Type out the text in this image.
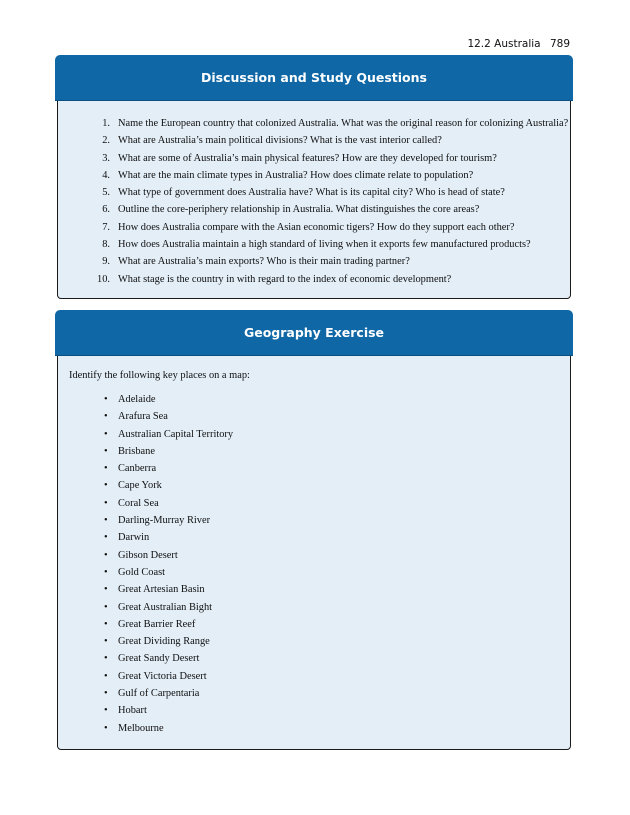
12.2 Australia 789
Discussion and Study Questions
1. Name the European country that colonized Australia. What was the original reason for colonizing Australia?
2. What are Australia’s main political divisions? What is the vast interior called?
3. What are some of Australia’s main physical features? How are they developed for tourism?
4. What are the main climate types in Australia? How does climate relate to population?
5. What type of government does Australia have? What is its capital city? Who is head of state?
6. Outline the core-periphery relationship in Australia. What distinguishes the core areas?
7. How does Australia compare with the Asian economic tigers? How do they support each other?
8. How does Australia maintain a high standard of living when it exports few manufactured products?
9. What are Australia’s main exports? Who is their main trading partner?
10. What stage is the country in with regard to the index of economic development?
Geography Exercise
Identify the following key places on a map:
• Adelaide
• Arafura Sea
• Australian Capital Territory
• Brisbane
• Canberra
• Cape York
• Coral Sea
• Darling-Murray River
• Darwin
• Gibson Desert
• Gold Coast
• Great Artesian Basin
• Great Australian Bight
• Great Barrier Reef
• Great Dividing Range
• Great Sandy Desert
• Great Victoria Desert
• Gulf of Carpentaria
• Hobart
• Melbourne
